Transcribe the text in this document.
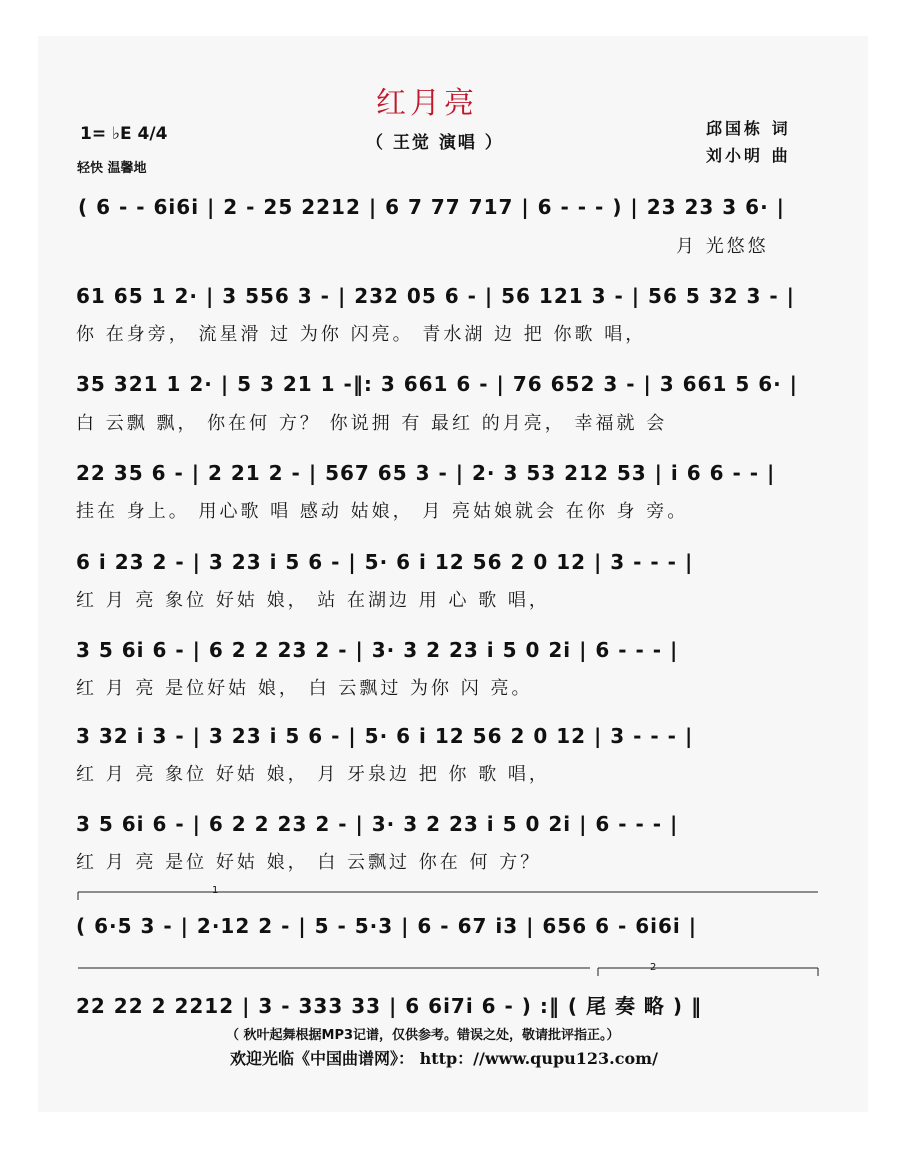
红月亮
（ 王觉 演唱 ）
邱国栋 词
刘小明 曲
1= ♭E 4/4
轻快 温馨地
( 6 - - 6i6i | 2 - 25 2212 | 6 7 77 717 | 6 - - - ) | 23 23 3 6· |
月 光悠悠
61 65 1 2· | 3 556 3 - | 232 05 6 - | 56 121 3 - | 56 5 32 3 - |
你 在身旁， 流星滑 过 为你 闪亮。 青水湖 边 把 你歌 唱，
35 321 1 2· | 5 3 21 1 -‖: 3 661 6 - | 76 652 3 - | 3 661 5 6· |
白 云飘 飘， 你在何 方？ 你说拥 有 最红 的月亮， 幸福就 会
22 35 6 - | 2 21 2 - | 567 65 3 - | 2· 3 53 212 53 | i 6 6 - - |
挂在 身上。 用心歌 唱 感动 姑娘， 月 亮姑娘就会 在你 身 旁。
6 i 23 2 - | 3 23 i 5 6 - | 5· 6 i 12 56 2 0 12 | 3 - - - |
红 月 亮 象位 好姑 娘， 站 在湖边 用 心 歌 唱，
3 5 6i 6 - | 6 2 2 23 2 - | 3· 3 2 23 i 5 0 2i | 6 - - - |
红 月 亮 是位好姑 娘， 白 云飘过 为你 闪 亮。
3 32 i 3 - | 3 23 i 5 6 - | 5· 6 i 12 56 2 0 12 | 3 - - - |
红 月 亮 象位 好姑 娘， 月 牙泉边 把 你 歌 唱，
3 5 6i 6 - | 6 2 2 23 2 - | 3· 3 2 23 i 5 0 2i | 6 - - - |
红 月 亮 是位 好姑 娘， 白 云飘过 你在 何 方？
( 6·5 3 - | 2·12 2 - | 5 - 5·3 | 6 - 67 i3 | 656 6 - 6i6i |
22 22 2 2212 | 3 - 333 33 | 6 6i7i 6 - ) :‖ ( 尾 奏 略 ) ‖
1
2
（ 秋叶起舞根据MP3记谱，仅供参考。错误之处，敬请批评指正。）
欢迎光临《中国曲谱网》： http：//www.qupu123.com/
